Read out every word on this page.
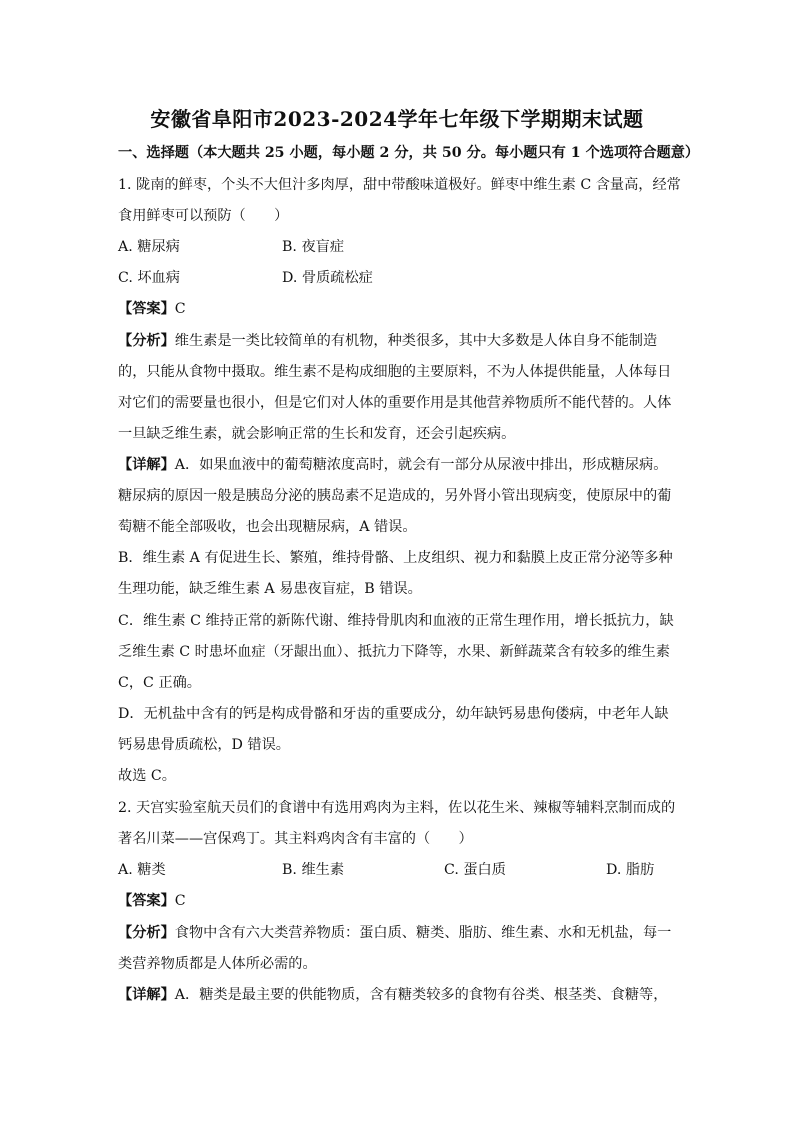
安徽省阜阳市2023-2024学年七年级下学期期末试题
一、选择题（本大题共 25 小题，每小题 2 分，共 50 分。每小题只有 1 个选项符合题意）
1. 陇南的鲜枣，个头不大但汁多肉厚，甜中带酸味道极好。鲜枣中维生素 C 含量高，经常
食用鲜枣可以预防（　　）
A. 糖尿病	B. 夜盲症
C. 坏血病	D. 骨质疏松症
【答案】C
【分析】维生素是一类比较简单的有机物，种类很多，其中大多数是人体自身不能制造
的，只能从食物中摄取。维生素不是构成细胞的主要原料，不为人体提供能量，人体每日
对它们的需要量也很小，但是它们对人体的重要作用是其他营养物质所不能代替的。人体
一旦缺乏维生素，就会影响正常的生长和发育，还会引起疾病。
【详解】A．如果血液中的葡萄糖浓度高时，就会有一部分从尿液中排出，形成糖尿病。
糖尿病的原因一般是胰岛分泌的胰岛素不足造成的，另外肾小管出现病变，使原尿中的葡
萄糖不能全部吸收，也会出现糖尿病，A 错误。
B．维生素 A 有促进生长、繁殖，维持骨骼、上皮组织、视力和黏膜上皮正常分泌等多种
生理功能，缺乏维生素 A 易患夜盲症，B 错误。
C．维生素 C 维持正常的新陈代谢、维持骨肌肉和血液的正常生理作用，增长抵抗力，缺
乏维生素 C 时患坏血症（牙龈出血）、抵抗力下降等，水果、新鲜蔬菜含有较多的维生素
C，C 正确。
D．无机盐中含有的钙是构成骨骼和牙齿的重要成分，幼年缺钙易患佝偻病，中老年人缺
钙易患骨质疏松，D 错误。
故选 C。
2. 天宫实验室航天员们的食谱中有选用鸡肉为主料，佐以花生米、辣椒等辅料烹制而成的
著名川菜——宫保鸡丁。其主料鸡肉含有丰富的（　　）
A. 糖类	B. 维生素	C. 蛋白质	D. 脂肪
【答案】C
【分析】食物中含有六大类营养物质：蛋白质、糖类、脂肪、维生素、水和无机盐，每一
类营养物质都是人体所必需的。
【详解】A．糖类是最主要的供能物质，含有糖类较多的食物有谷类、根茎类、食糖等，
